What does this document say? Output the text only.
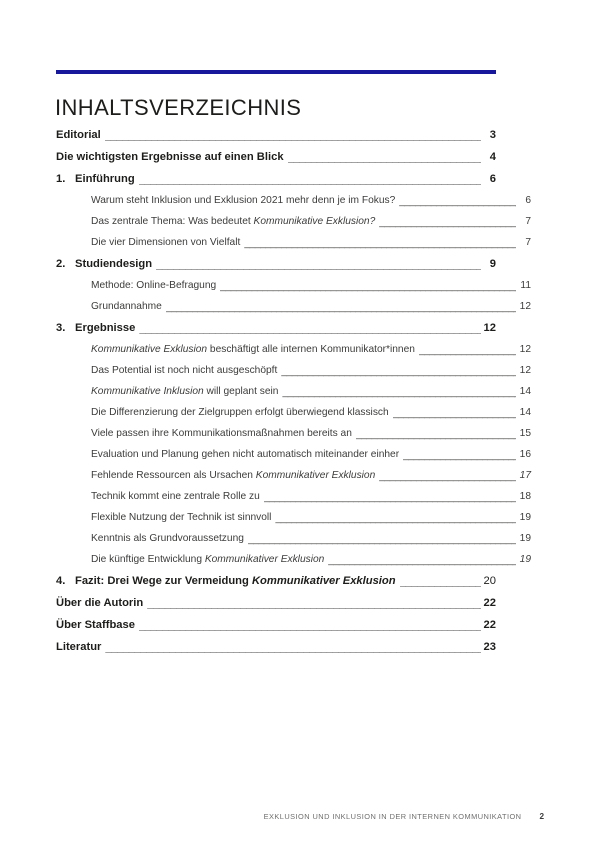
INHALTSVERZEICHNIS
Editorial _____	3
Die wichtigsten Ergebnisse auf einen Blick _____	4
1. Einführung _____	6
Warum steht Inklusion und Exklusion 2021 mehr denn je im Fokus? _____	6
Das zentrale Thema: Was bedeutet Kommunikative Exklusion? _____	7
Die vier Dimensionen von Vielfalt _____	7
2. Studiendesign _____	9
Methode: Online-Befragung _____	11
Grundannahme _____	12
3. Ergebnisse _____	12
Kommunikative Exklusion beschäftigt alle internen Kommunikator*innen _____	12
Das Potential ist noch nicht ausgeschöpft _____	12
Kommunikative Inklusion will geplant sein _____	14
Die Differenzierung der Zielgruppen erfolgt überwiegend klassisch _____	14
Viele passen ihre Kommunikationsmaßnahmen bereits an _____	15
Evaluation und Planung gehen nicht automatisch miteinander einher _____	16
Fehlende Ressourcen als Ursachen Kommunikativer Exklusion _____	17
Technik kommt eine zentrale Rolle zu _____	18
Flexible Nutzung der Technik ist sinnvoll _____	19
Kenntnis als Grundvoraussetzung _____	19
Die künftige Entwicklung Kommunikativer Exklusion _____	19
4. Fazit: Drei Wege zur Vermeidung Kommunikativer Exklusion _____	20
Über die Autorin _____	22
Über Staffbase _____	22
Literatur _____	23
EXKLUSION UND INKLUSION IN DER INTERNEN KOMMUNIKATION 2
